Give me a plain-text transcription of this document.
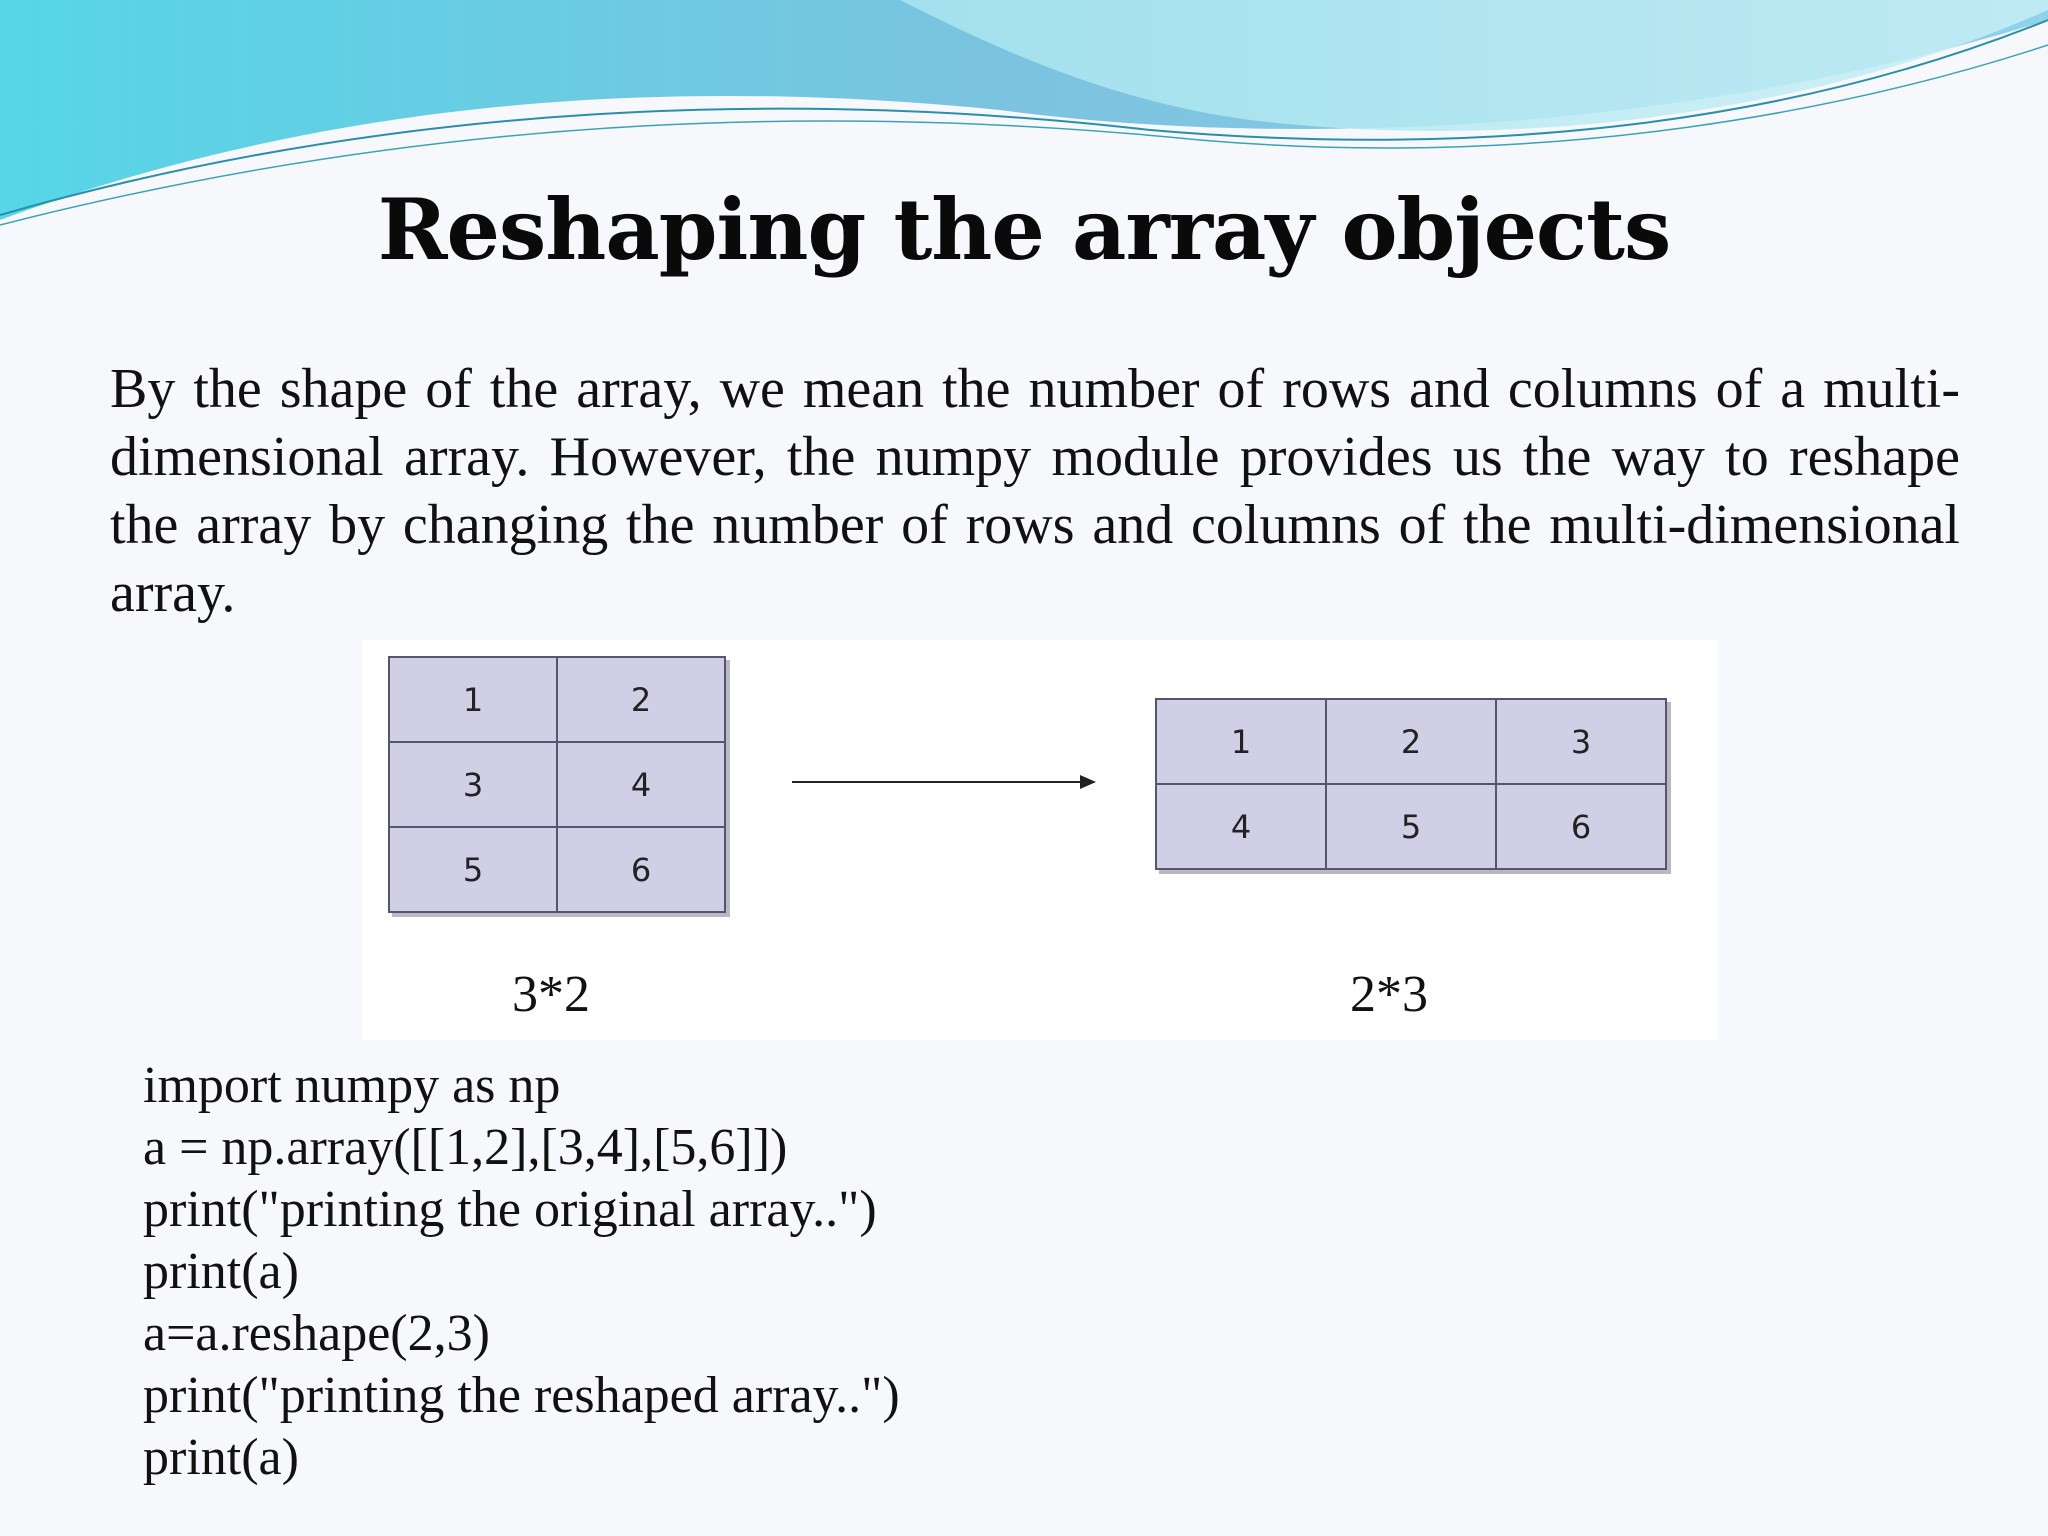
Reshaping the array objects
By the shape of the array, we mean the number of rows and columns of a multi-dimensional array. However, the numpy module provides us the way to reshape the array by changing the number of rows and columns of the multi-dimensional array.
1	2
3	4
5	6
1	2	3
4	5	6
3*2	2*3
import numpy as np
a = np.array([[1,2],[3,4],[5,6]])
print("printing the original array..")
print(a)
a=a.reshape(2,3)
print("printing the reshaped array..")
print(a)
